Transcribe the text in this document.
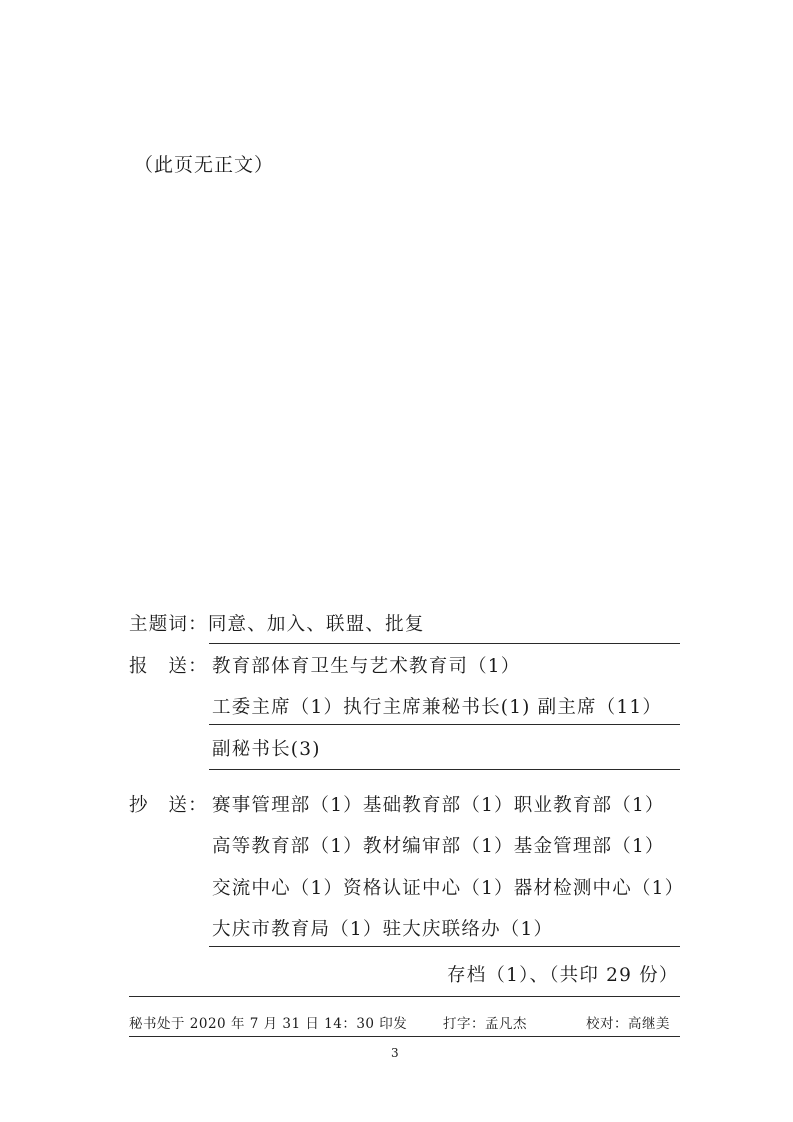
（此页无正文）
主题词：同意、加入、联盟、批复
报　送： 教育部体育卫生与艺术教育司（1）
工委主席（1）执行主席兼秘书长(1) 副主席（11）
副秘书长(3)
抄　送： 赛事管理部（1）基础教育部（1）职业教育部（1）
高等教育部（1）教材编审部（1）基金管理部（1）
交流中心（1）资格认证中心（1）器材检测中心（1）
大庆市教育局（1）驻大庆联络办（1）
存档（1）、（共印 29 份）
秘书处于 2020 年 7 月 31 日 14：30 印发	打字：孟凡杰	校对：高继美
3
